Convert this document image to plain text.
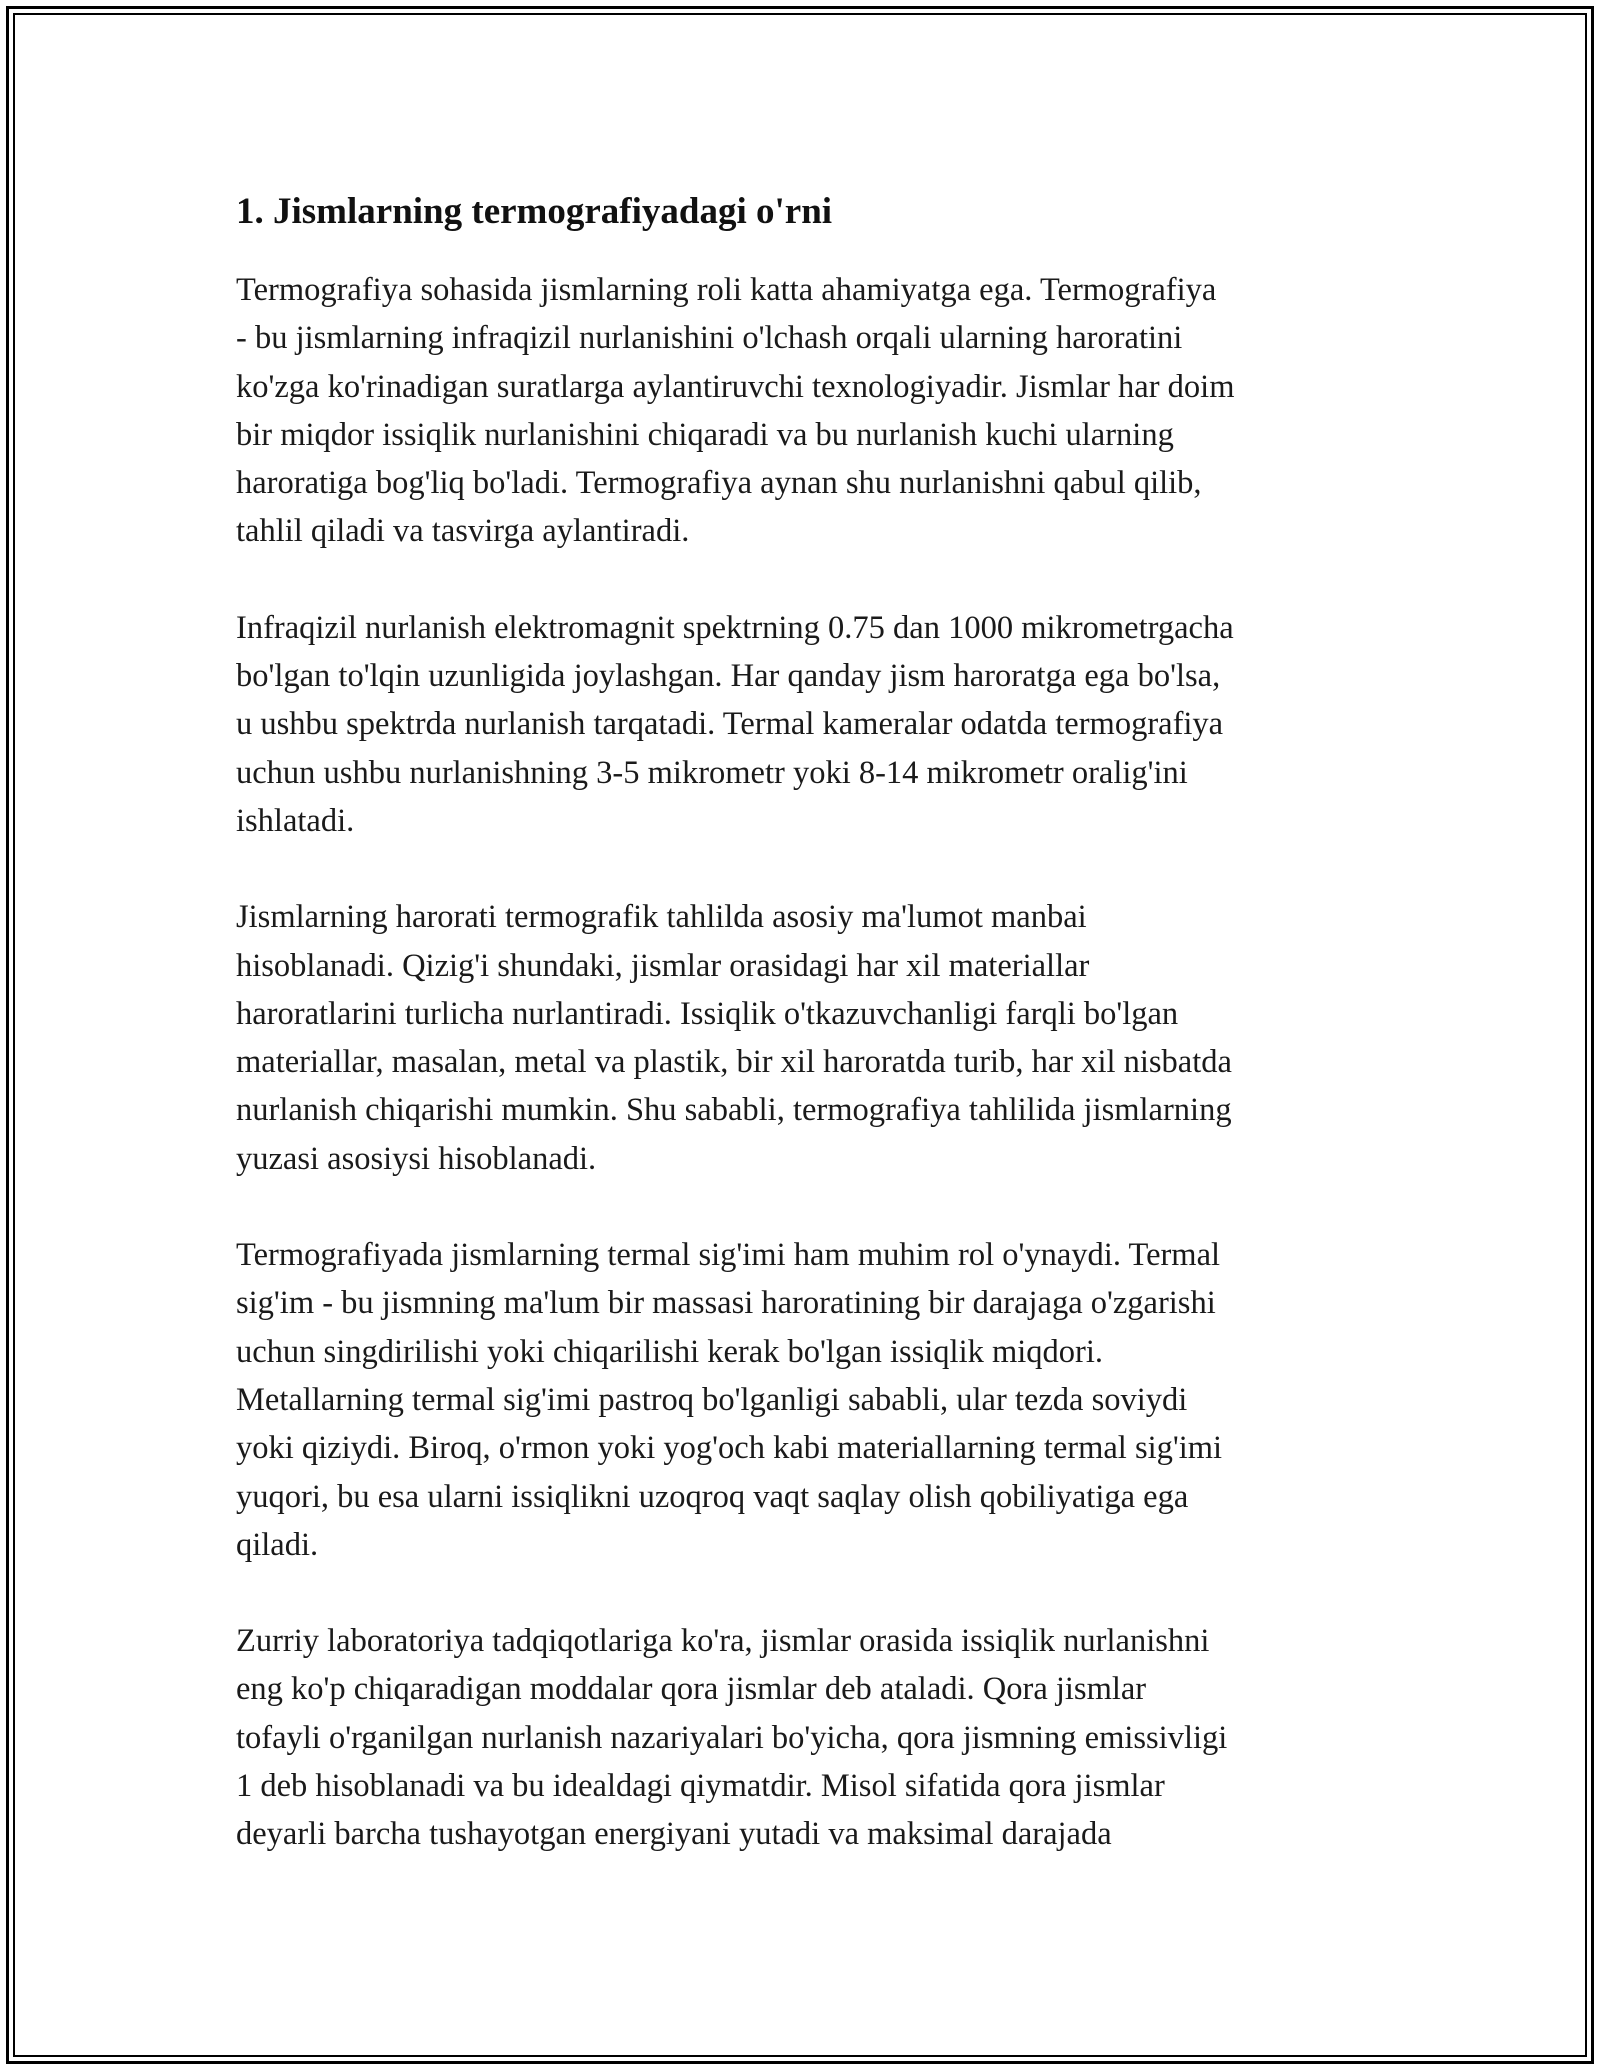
1. Jismlarning termografiyadagi o'rni

Termografiya sohasida jismlarning roli katta ahamiyatga ega. Termografiya
- bu jismlarning infraqizil nurlanishini o'lchash orqali ularning haroratini
ko'zga ko'rinadigan suratlarga aylantiruvchi texnologiyadir. Jismlar har doim
bir miqdor issiqlik nurlanishini chiqaradi va bu nurlanish kuchi ularning
haroratiga bog'liq bo'ladi. Termografiya aynan shu nurlanishni qabul qilib,
tahlil qiladi va tasvirga aylantiradi.

Infraqizil nurlanish elektromagnit spektrning 0.75 dan 1000 mikrometrgacha
bo'lgan to'lqin uzunligida joylashgan. Har qanday jism haroratga ega bo'lsa,
u ushbu spektrda nurlanish tarqatadi. Termal kameralar odatda termografiya
uchun ushbu nurlanishning 3-5 mikrometr yoki 8-14 mikrometr oralig'ini
ishlatadi.

Jismlarning harorati termografik tahlilda asosiy ma'lumot manbai
hisoblanadi. Qizig'i shundaki, jismlar orasidagi har xil materiallar
haroratlarini turlicha nurlantiradi. Issiqlik o'tkazuvchanligi farqli bo'lgan
materiallar, masalan, metal va plastik, bir xil haroratda turib, har xil nisbatda
nurlanish chiqarishi mumkin. Shu sababli, termografiya tahlilida jismlarning
yuzasi asosiysi hisoblanadi.

Termografiyada jismlarning termal sig'imi ham muhim rol o'ynaydi. Termal
sig'im - bu jismning ma'lum bir massasi haroratining bir darajaga o'zgarishi
uchun singdirilishi yoki chiqarilishi kerak bo'lgan issiqlik miqdori.
Metallarning termal sig'imi pastroq bo'lganligi sababli, ular tezda soviydi
yoki qiziydi. Biroq, o'rmon yoki yog'och kabi materiallarning termal sig'imi
yuqori, bu esa ularni issiqlikni uzoqroq vaqt saqlay olish qobiliyatiga ega
qiladi.

Zurriy laboratoriya tadqiqotlariga ko'ra, jismlar orasida issiqlik nurlanishni
eng ko'p chiqaradigan moddalar qora jismlar deb ataladi. Qora jismlar
tofayli o'rganilgan nurlanish nazariyalari bo'yicha, qora jismning emissivligi
1 deb hisoblanadi va bu idealdagi qiymatdir. Misol sifatida qora jismlar
deyarli barcha tushayotgan energiyani yutadi va maksimal darajada
